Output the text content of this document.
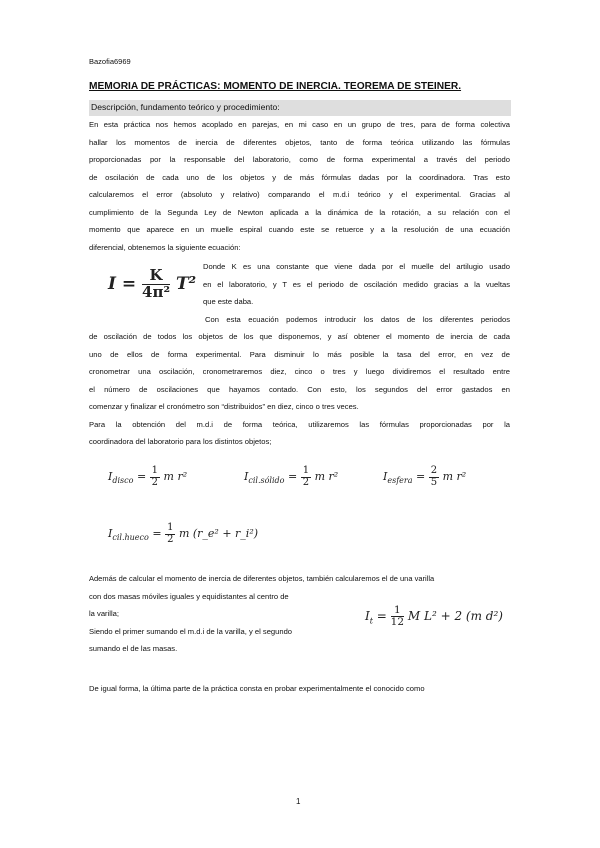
Bazofia6969
MEMORIA DE PRÁCTICAS: MOMENTO DE INERCIA. TEOREMA DE STEINER.
Descripción, fundamento teórico y procedimiento:
En esta práctica nos hemos acoplado en parejas, en mi caso en un grupo de tres, para de forma colectiva
hallar los momentos de inercia de diferentes objetos, tanto de forma teórica utilizando las fórmulas
proporcionadas por la responsable del laboratorio, como de forma experimental a través del periodo
de oscilación de cada uno de los objetos y de más fórmulas dadas por la coordinadora. Tras esto
calcularemos el error (absoluto y relativo) comparando el m.d.i teórico y el experimental. Gracias al
cumplimiento de la Segunda Ley de Newton aplicada a la dinámica de la rotación, a su relación con el
momento que aparece en un muelle espiral cuando este se retuerce y a la resolución de una ecuación
diferencial, obtenemos la siguiente ecuación:
$I = \frac{K}{\text{4π²}} T^2$
Donde K es una constante que viene dada por el muelle del artilugio usado
en el laboratorio, y T es el periodo de oscilación medido gracias a la vueltas
que este daba.
Con esta ecuación podemos introducir los datos de los diferentes periodos
de oscilación de todos los objetos de los que disponemos, y así obtener el momento de inercia de cada
uno de ellos de forma experimental. Para disminuir lo más posible la tasa del error, en vez de
cronometrar una oscilación, cronometraremos diez, cinco o tres y luego dividiremos el resultado entre
el número de oscilaciones que hayamos contado. Con esto, los segundos del error gastados en
comenzar y finalizar el cronómetro son “distribuidos” en diez, cinco o tres veces.
Para la obtención del m.d.i de forma teórica, utilizaremos las fórmulas proporcionadas por la
coordinadora del laboratorio para los distintos objetos;
$I_{disco} = \frac{1}{2}$ m r²	$I_{cil.sólido} = \frac{1}{2}$ m r²	$I_{esfera} = \frac{2}{5}$ m r²
$I_{cil.hueco} = \frac{1}{2}$ m (r_e² + r_i²)
Además de calcular el momento de inercia de diferentes objetos, también calcularemos el de una varilla
con dos masas móviles iguales y equidistantes al centro de
la varilla;
Siendo el primer sumando el m.d.i de la varilla, y el segundo
sumando el de las masas.
$I_t = \frac{1}{12}$ M L² + 2 (m d²)
De igual forma, la última parte de la práctica consta en probar experimentalmente el conocido como
1
